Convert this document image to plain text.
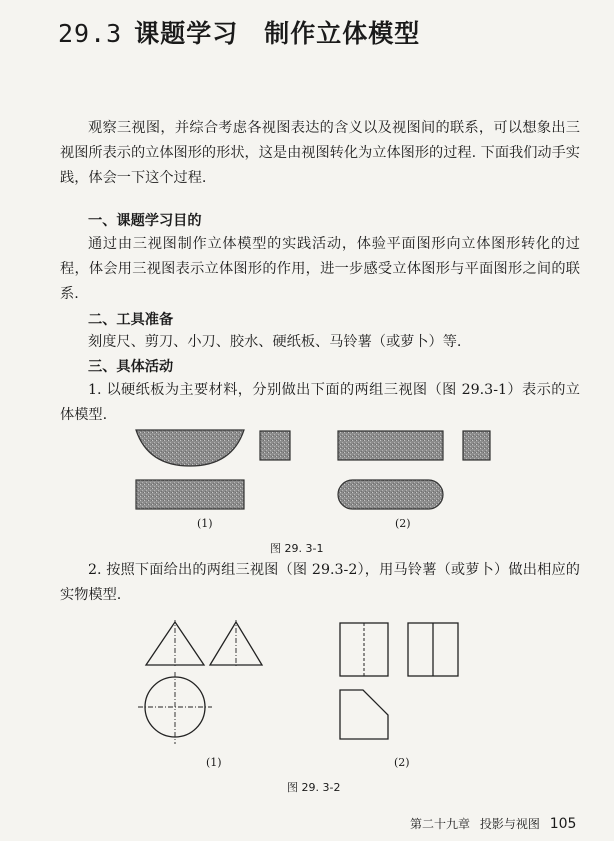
29.3 课题学习 制作立体模型
观察三视图，并综合考虑各视图表达的含义以及视图间的联系，可以想象出三视图所表示的立体图形的形状，这是由视图转化为立体图形的过程. 下面我们动手实践，体会一下这个过程.
一、课题学习目的
通过由三视图制作立体模型的实践活动，体验平面图形向立体图形转化的过程，体会用三视图表示立体图形的作用，进一步感受立体图形与平面图形之间的联系.
二、工具准备
刻度尺、剪刀、小刀、胶水、硬纸板、马铃薯（或萝卜）等.
三、具体活动
1. 以硬纸板为主要材料，分别做出下面的两组三视图（图 29.3-1）表示的立体模型.
(1)	(2)
图 29. 3-1
2. 按照下面给出的两组三视图（图 29.3-2），用马铃薯（或萝卜）做出相应的实物模型.
(1)	(2)
图 29. 3-2
第二十九章 投影与视图 105
